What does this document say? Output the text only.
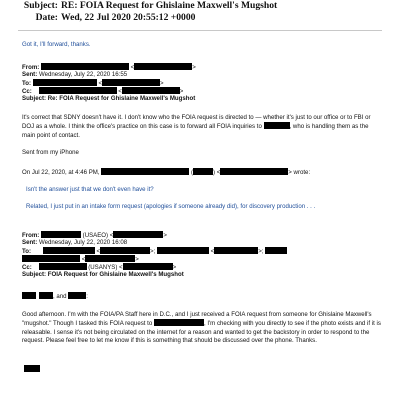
Subject: RE: FOIA Request for Ghislaine Maxwell's Mugshot
Date: Wed, 22 Jul 2020 20:55:12 +0000
Got it, I'll forward, thanks.
From:	<	>
Sent: Wednesday, July 22, 2020 16:55
To:	<	>
Cc:	<	>
Subject: Re: FOIA Request for Ghislaine Maxwell's Mugshot
It's correct that SDNY doesn't have it. I don't know who the FOIA request is directed to — whether it's just to our office or to FBI or DOJ as a whole. I think the office's practice on this case is to forward all FOIA inquiries to	, who is handling them as the main point of contact.
Sent from my iPhone
On Jul 22, 2020, at 4:46 PM,	(	) <	> wrote:
Isn't the answer just that we don't even have it?
Related, I just put in an intake form request (apologies if someone already did), for discovery production . . .
From:	(USAEO) <	>
Sent: Wednesday, July 22, 2020 16:08
To:	<	>;	<	>;
<	>
Cc:	(USANYS) <	>
Subject: FOIA Request for Ghislaine Maxwell's Mugshot
, and	:
Good afternoon. I'm with the FOIA/PA Staff here in D.C., and I just received a FOIA request from someone for Ghislaine Maxwell's "mugshot." Though I tasked this FOIA request to	, I'm checking with you directly to see if the photo exists and if it is releasable. I sense it's not being circulated on the internet for a reason and wanted to get the backstory in order to respond to the request. Please feel free to let me know if this is something that should be discussed over the phone. Thanks.
